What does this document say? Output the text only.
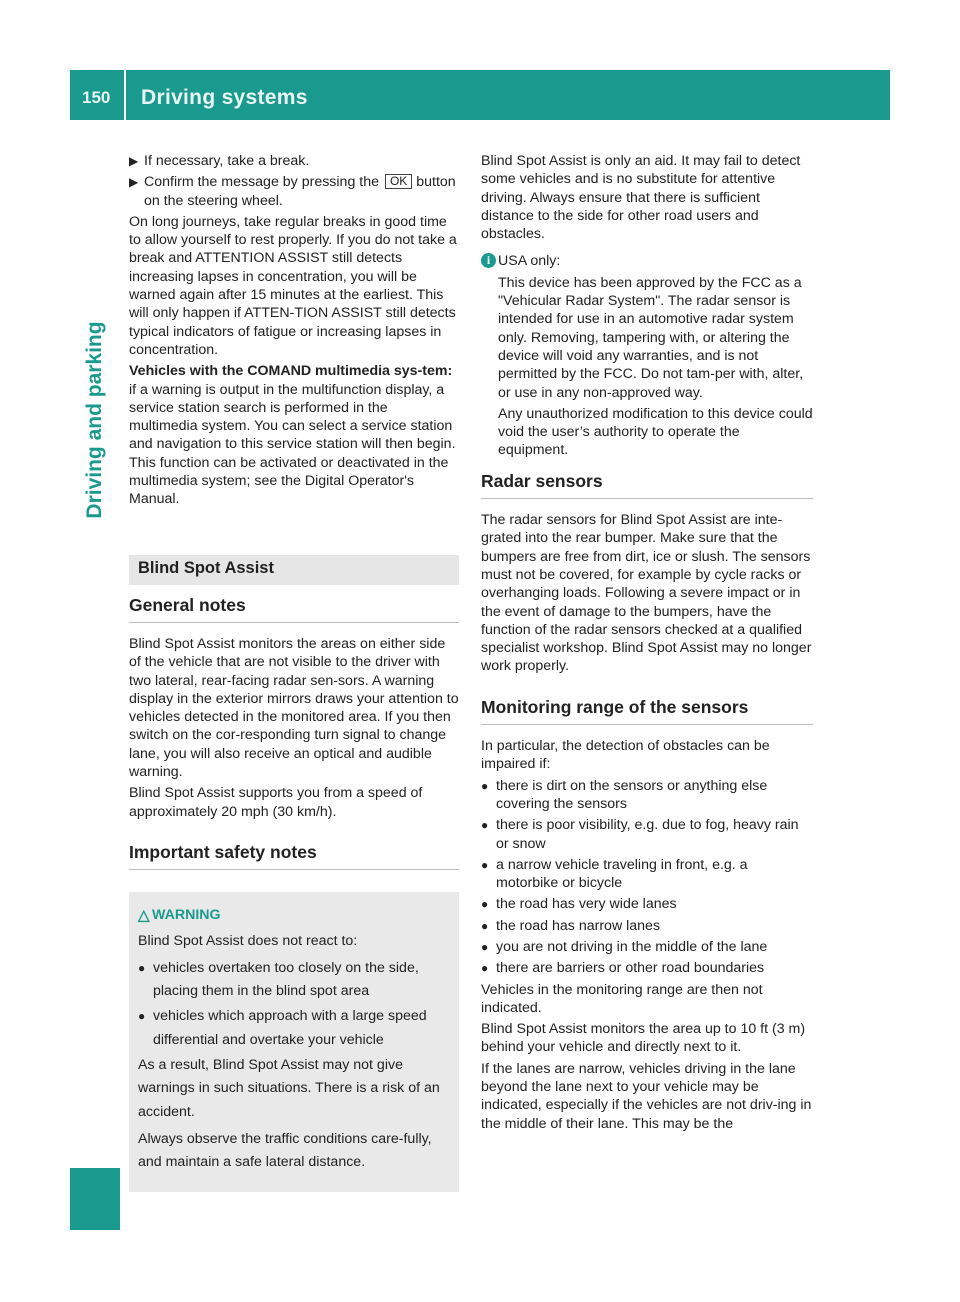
150 Driving systems
Driving and parking
▶ If necessary, take a break.
▶ Confirm the message by pressing the OK button on the steering wheel.
On long journeys, take regular breaks in good time to allow yourself to rest properly. If you do not take a break and ATTENTION ASSIST still detects increasing lapses in concentration, you will be warned again after 15 minutes at the earliest. This will only happen if ATTEN-TION ASSIST still detects typical indicators of fatigue or increasing lapses in concentration.
Vehicles with the COMAND multimedia sys-tem: if a warning is output in the multifunction display, a service station search is performed in the multimedia system. You can select a service station and navigation to this service station will then begin. This function can be activated or deactivated in the multimedia system; see the Digital Operator's Manual.
Blind Spot Assist
General notes
Blind Spot Assist monitors the areas on either side of the vehicle that are not visible to the driver with two lateral, rear-facing radar sen-sors. A warning display in the exterior mirrors draws your attention to vehicles detected in the monitored area. If you then switch on the cor-responding turn signal to change lane, you will also receive an optical and audible warning.
Blind Spot Assist supports you from a speed of approximately 20 mph (30 km/h).
Important safety notes
△ WARNING
Blind Spot Assist does not react to:
● vehicles overtaken too closely on the side, placing them in the blind spot area
● vehicles which approach with a large speed differential and overtake your vehicle
As a result, Blind Spot Assist may not give warnings in such situations. There is a risk of an accident.
Always observe the traffic conditions care-fully, and maintain a safe lateral distance.
Blind Spot Assist is only an aid. It may fail to detect some vehicles and is no substitute for attentive driving. Always ensure that there is sufficient distance to the side for other road users and obstacles.
i USA only:
This device has been approved by the FCC as a "Vehicular Radar System". The radar sensor is intended for use in an automotive radar system only. Removing, tampering with, or altering the device will void any warranties, and is not permitted by the FCC. Do not tam-per with, alter, or use in any non-approved way.
Any unauthorized modification to this device could void the user’s authority to operate the equipment.
Radar sensors
The radar sensors for Blind Spot Assist are inte-grated into the rear bumper. Make sure that the bumpers are free from dirt, ice or slush. The sensors must not be covered, for example by cycle racks or overhanging loads. Following a severe impact or in the event of damage to the bumpers, have the function of the radar sensors checked at a qualified specialist workshop. Blind Spot Assist may no longer work properly.
Monitoring range of the sensors
In particular, the detection of obstacles can be impaired if:
● there is dirt on the sensors or anything else covering the sensors
● there is poor visibility, e.g. due to fog, heavy rain or snow
● a narrow vehicle traveling in front, e.g. a motorbike or bicycle
● the road has very wide lanes
● the road has narrow lanes
● you are not driving in the middle of the lane
● there are barriers or other road boundaries
Vehicles in the monitoring range are then not indicated.
Blind Spot Assist monitors the area up to 10 ft (3 m) behind your vehicle and directly next to it.
If the lanes are narrow, vehicles driving in the lane beyond the lane next to your vehicle may be indicated, especially if the vehicles are not driv-ing in the middle of their lane. This may be the
